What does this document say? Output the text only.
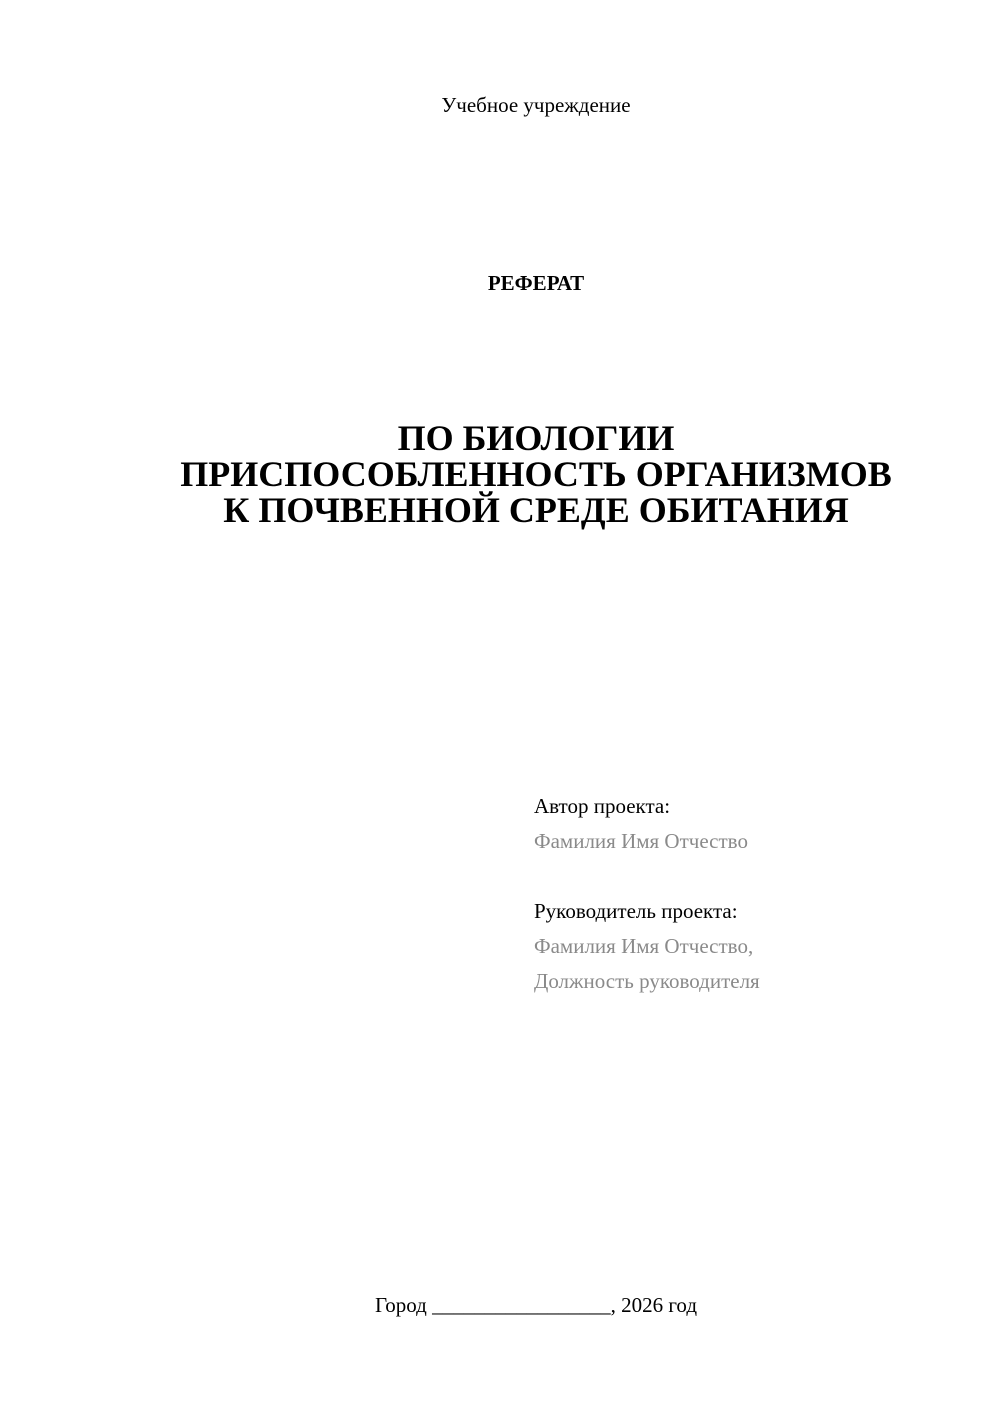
Учебное учреждение
РЕФЕРАТ
ПО БИОЛОГИИ
ПРИСПОСОБЛЕННОСТЬ ОРГАНИЗМОВ
К ПОЧВЕННОЙ СРЕДЕ ОБИТАНИЯ
Автор проекта:
Фамилия Имя Отчество
Руководитель проекта:
Фамилия Имя Отчество,
Должность руководителя
Город _________________, 2026 год
